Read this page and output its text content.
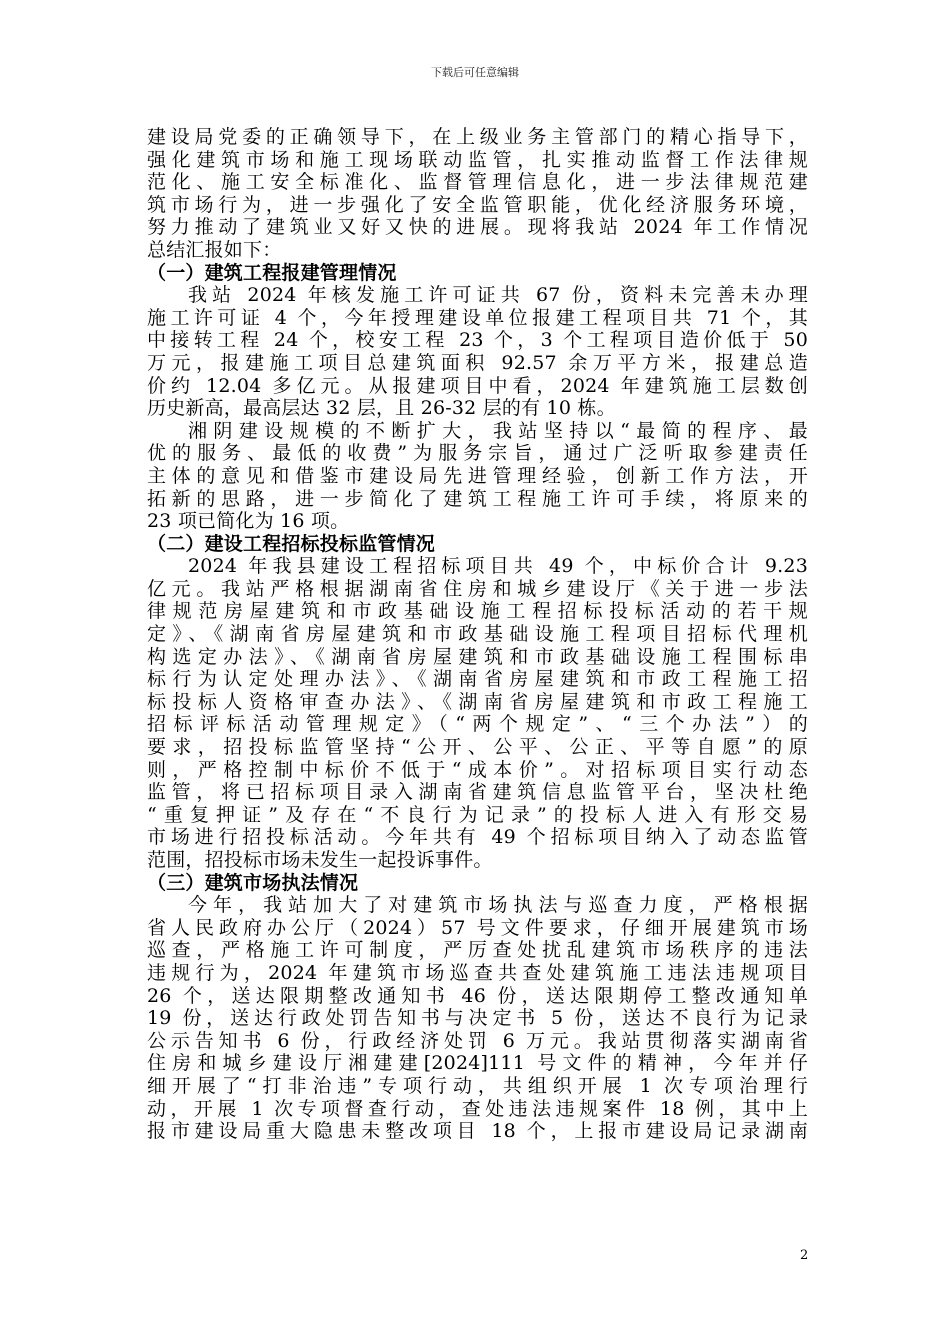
下载后可任意编辑
建设局党委的正确领导下，在上级业务主管部门的精心指导下，
强化建筑市场和施工现场联动监管，扎实推动监督工作法律规
范化、施工安全标准化、监督管理信息化，进一步法律规范建
筑市场行为，进一步强化了安全监管职能，优化经济服务环境，
努力推动了建筑业又好又快的进展。现将我站 2024 年工作情况
总结汇报如下：
（一）建筑工程报建管理情况
我站 2024 年核发施工许可证共 67 份，资料未完善未办理
施工许可证 4 个，今年授理建设单位报建工程项目共 71 个，其
中接转工程 24 个，校安工程 23 个，3 个工程项目造价低于 50
万元，报建施工项目总建筑面积 92.57 余万平方米，报建总造
价约 12.04 多亿元。从报建项目中看，2024 年建筑施工层数创
历史新高，最高层达 32 层，且 26-32 层的有 10 栋。
湘阴建设规模的不断扩大，我站坚持以“最简的程序、最
优的服务、最低的收费”为服务宗旨，通过广泛听取参建责任
主体的意见和借鉴市建设局先进管理经验，创新工作方法，开
拓新的思路，进一步简化了建筑工程施工许可手续，将原来的
23 项已简化为 16 项。
（二）建设工程招标投标监管情况
2024 年我县建设工程招标项目共 49 个，中标价合计 9.23
亿元。我站严格根据湖南省住房和城乡建设厅《关于进一步法
律规范房屋建筑和市政基础设施工程招标投标活动的若干规
定》、《湖南省房屋建筑和市政基础设施工程项目招标代理机
构选定办法》、《湖南省房屋建筑和市政基础设施工程围标串
标行为认定处理办法》、《湖南省房屋建筑和市政工程施工招
标投标人资格审查办法》、《湖南省房屋建筑和市政工程施工
招标评标活动管理规定》（“两个规定”、“三个办法”）的
要求，招投标监管坚持“公开、公平、公正、平等自愿”的原
则，严格控制中标价不低于“成本价”。对招标项目实行动态
监管，将已招标项目录入湖南省建筑信息监管平台，坚决杜绝
“重复押证”及存在“不良行为记录”的投标人进入有形交易
市场进行招投标活动。今年共有 49 个招标项目纳入了动态监管
范围，招投标市场未发生一起投诉事件。
（三）建筑市场执法情况
今年，我站加大了对建筑市场执法与巡查力度，严格根据
省人民政府办公厅（2024）57 号文件要求，仔细开展建筑市场
巡查，严格施工许可制度，严厉查处扰乱建筑市场秩序的违法
违规行为，2024 年建筑市场巡查共查处建筑施工违法违规项目
26 个，送达限期整改通知书 46 份，送达限期停工整改通知单
19 份，送达行政处罚告知书与决定书 5 份，送达不良行为记录
公示告知书 6 份，行政经济处罚 6 万元。我站贯彻落实湖南省
住房和城乡建设厅湘建建[2024]111 号文件的精神，今年并仔
细开展了“打非治违”专项行动，共组织开展 1 次专项治理行
动，开展 1 次专项督查行动，查处违法违规案件 18 例，其中上
报市建设局重大隐患未整改项目 18 个，上报市建设局记录湖南
2
